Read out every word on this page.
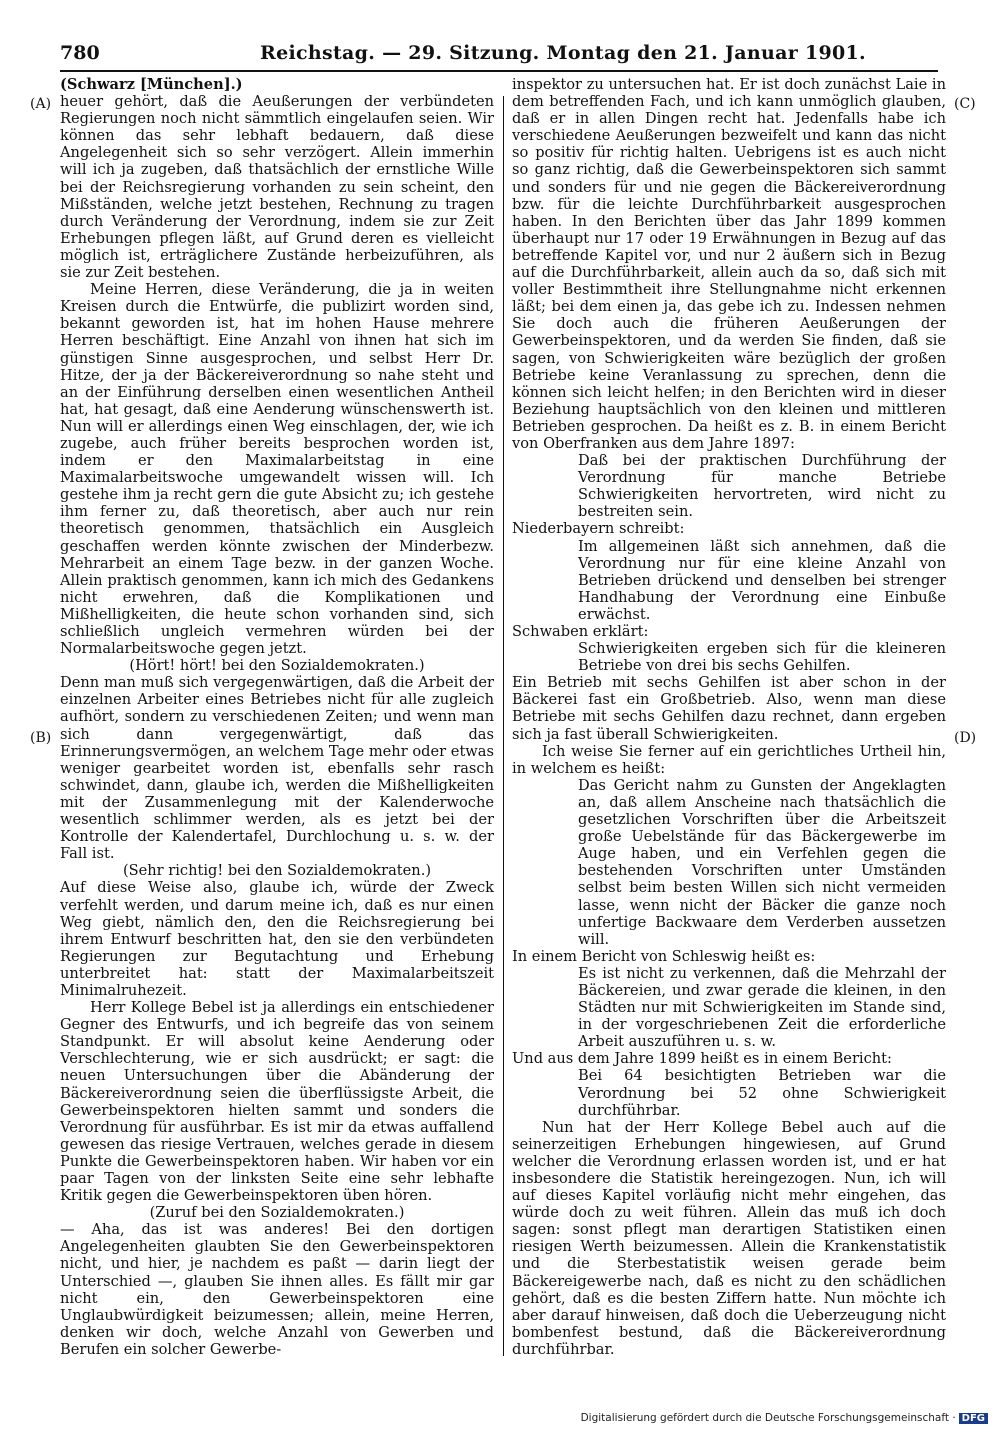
780	Reichstag. — 29. Sitzung. Montag den 21. Januar 1901.
(A)
(B)
(C)
(D)

(Schwarz [München].)

heuer gehört, daß die Aeußerungen der verbündeten Regierungen noch nicht sämmtlich eingelaufen seien. Wir können das sehr lebhaft bedauern, daß diese Angelegenheit sich so sehr verzögert. Allein immerhin will ich ja zugeben, daß thatsächlich der ernstliche Wille bei der Reichsregierung vorhanden zu sein scheint, den Mißständen, welche jetzt bestehen, Rechnung zu tragen durch Veränderung der Verordnung, indem sie zur Zeit Erhebungen pflegen läßt, auf Grund deren es vielleicht möglich ist, erträglichere Zustände herbeizuführen, als sie zur Zeit bestehen.

Meine Herren, diese Veränderung, die ja in weiten Kreisen durch die Entwürfe, die publizirt worden sind, bekannt geworden ist, hat im hohen Hause mehrere Herren beschäftigt. Eine Anzahl von ihnen hat sich im günstigen Sinne ausgesprochen, und selbst Herr Dr. Hitze, der ja der Bäckereiverordnung so nahe steht und an der Einführung derselben einen wesentlichen Antheil hat, hat gesagt, daß eine Aenderung wünschenswerth ist. Nun will er allerdings einen Weg einschlagen, der, wie ich zugebe, auch früher bereits besprochen worden ist, indem er den Maximalarbeitstag in eine Maximalarbeitswoche umgewandelt wissen will. Ich gestehe ihm ja recht gern die gute Absicht zu; ich gestehe ihm ferner zu, daß theoretisch, aber auch nur rein theoretisch genommen, thatsächlich ein Ausgleich geschaffen werden könnte zwischen der Minderbezw. Mehrarbeit an einem Tage bezw. in der ganzen Woche. Allein praktisch genommen, kann ich mich des Gedankens nicht erwehren, daß die Komplikationen und Mißhelligkeiten, die heute schon vorhanden sind, sich schließlich ungleich vermehren würden bei der Normalarbeitswoche gegen jetzt.

(Hört! hört! bei den Sozialdemokraten.)

Denn man muß sich vergegenwärtigen, daß die Arbeit der einzelnen Arbeiter eines Betriebes nicht für alle zugleich aufhört, sondern zu verschiedenen Zeiten; und wenn man sich dann vergegenwärtigt, daß das Erinnerungsvermögen, an welchem Tage mehr oder etwas weniger gearbeitet worden ist, ebenfalls sehr rasch schwindet, dann, glaube ich, werden die Mißhelligkeiten mit der Zusammenlegung mit der Kalenderwoche wesentlich schlimmer werden, als es jetzt bei der Kontrolle der Kalendertafel, Durchlochung u. s. w. der Fall ist.

(Sehr richtig! bei den Sozialdemokraten.)

Auf diese Weise also, glaube ich, würde der Zweck verfehlt werden, und darum meine ich, daß es nur einen Weg giebt, nämlich den, den die Reichsregierung bei ihrem Entwurf beschritten hat, den sie den verbündeten Regierungen zur Begutachtung und Erhebung unterbreitet hat: statt der Maximalarbeitszeit Minimalruhezeit.

Herr Kollege Bebel ist ja allerdings ein entschiedener Gegner des Entwurfs, und ich begreife das von seinem Standpunkt. Er will absolut keine Aenderung oder Verschlechterung, wie er sich ausdrückt; er sagt: die neuen Untersuchungen über die Abänderung der Bäckereiverordnung seien die überflüssigste Arbeit, die Gewerbeinspektoren hielten sammt und sonders die Verordnung für ausführbar. Es ist mir da etwas auffallend gewesen das riesige Vertrauen, welches gerade in diesem Punkte die Gewerbeinspektoren haben. Wir haben vor ein paar Tagen von der linksten Seite eine sehr lebhafte Kritik gegen die Gewerbeinspektoren üben hören.

(Zuruf bei den Sozialdemokraten.)

— Aha, das ist was anderes! Bei den dortigen Angelegenheiten glaubten Sie den Gewerbeinspektoren nicht, und hier, je nachdem es paßt — darin liegt der Unterschied —, glauben Sie ihnen alles. Es fällt mir gar nicht ein, den Gewerbeinspektoren eine Unglaubwürdigkeit beizumessen; allein, meine Herren, denken wir doch, welche Anzahl von Gewerben und Berufen ein solcher Gewerbe-

inspektor zu untersuchen hat. Er ist doch zunächst Laie in dem betreffenden Fach, und ich kann unmöglich glauben, daß er in allen Dingen recht hat. Jedenfalls habe ich verschiedene Aeußerungen bezweifelt und kann das nicht so positiv für richtig halten. Uebrigens ist es auch nicht so ganz richtig, daß die Gewerbeinspektoren sich sammt und sonders für und nie gegen die Bäckereiverordnung bzw. für die leichte Durchführbarkeit ausgesprochen haben. In den Berichten über das Jahr 1899 kommen überhaupt nur 17 oder 19 Erwähnungen in Bezug auf das betreffende Kapitel vor, und nur 2 äußern sich in Bezug auf die Durchführbarkeit, allein auch da so, daß sich mit voller Bestimmtheit ihre Stellungnahme nicht erkennen läßt; bei dem einen ja, das gebe ich zu. Indessen nehmen Sie doch auch die früheren Aeußerungen der Gewerbeinspektoren, und da werden Sie finden, daß sie sagen, von Schwierigkeiten wäre bezüglich der großen Betriebe keine Veranlassung zu sprechen, denn die können sich leicht helfen; in den Berichten wird in dieser Beziehung hauptsächlich von den kleinen und mittleren Betrieben gesprochen. Da heißt es z. B. in einem Bericht von Oberfranken aus dem Jahre 1897:

Daß bei der praktischen Durchführung der Verordnung für manche Betriebe Schwierigkeiten hervortreten, wird nicht zu bestreiten sein.

Niederbayern schreibt:

Im allgemeinen läßt sich annehmen, daß die Verordnung nur für eine kleine Anzahl von Betrieben drückend und denselben bei strenger Handhabung der Verordnung eine Einbuße erwächst.

Schwaben erklärt:

Schwierigkeiten ergeben sich für die kleineren Betriebe von drei bis sechs Gehilfen.

Ein Betrieb mit sechs Gehilfen ist aber schon in der Bäckerei fast ein Großbetrieb. Also, wenn man diese Betriebe mit sechs Gehilfen dazu rechnet, dann ergeben sich ja fast überall Schwierigkeiten.

Ich weise Sie ferner auf ein gerichtliches Urtheil hin, in welchem es heißt:

Das Gericht nahm zu Gunsten der Angeklagten an, daß allem Anscheine nach thatsächlich die gesetzlichen Vorschriften über die Arbeitszeit große Uebelstände für das Bäckergewerbe im Auge haben, und ein Verfehlen gegen die bestehenden Vorschriften unter Umständen selbst beim besten Willen sich nicht vermeiden lasse, wenn nicht der Bäcker die ganze noch unfertige Backwaare dem Verderben aussetzen will.

In einem Bericht von Schleswig heißt es:

Es ist nicht zu verkennen, daß die Mehrzahl der Bäckereien, und zwar gerade die kleinen, in den Städten nur mit Schwierigkeiten im Stande sind, in der vorgeschriebenen Zeit die erforderliche Arbeit auszuführen u. s. w.

Und aus dem Jahre 1899 heißt es in einem Bericht:

Bei 64 besichtigten Betrieben war die Verordnung bei 52 ohne Schwierigkeit durchführbar.

Nun hat der Herr Kollege Bebel auch auf die seinerzeitigen Erhebungen hingewiesen, auf Grund welcher die Verordnung erlassen worden ist, und er hat insbesondere die Statistik hereingezogen. Nun, ich will auf dieses Kapitel vorläufig nicht mehr eingehen, das würde doch zu weit führen. Allein das muß ich doch sagen: sonst pflegt man derartigen Statistiken einen riesigen Werth beizumessen. Allein die Krankenstatistik und die Sterbestatistik weisen gerade beim Bäckereigewerbe nach, daß es nicht zu den schädlichen gehört, daß es die besten Ziffern hatte. Nun möchte ich aber darauf hinweisen, daß doch die Ueberzeugung nicht bombenfest bestund, daß die Bäckereiverordnung durchführbar.

Digitalisierung gefördert durch die Deutsche Forschungsgemeinschaft · DFG
